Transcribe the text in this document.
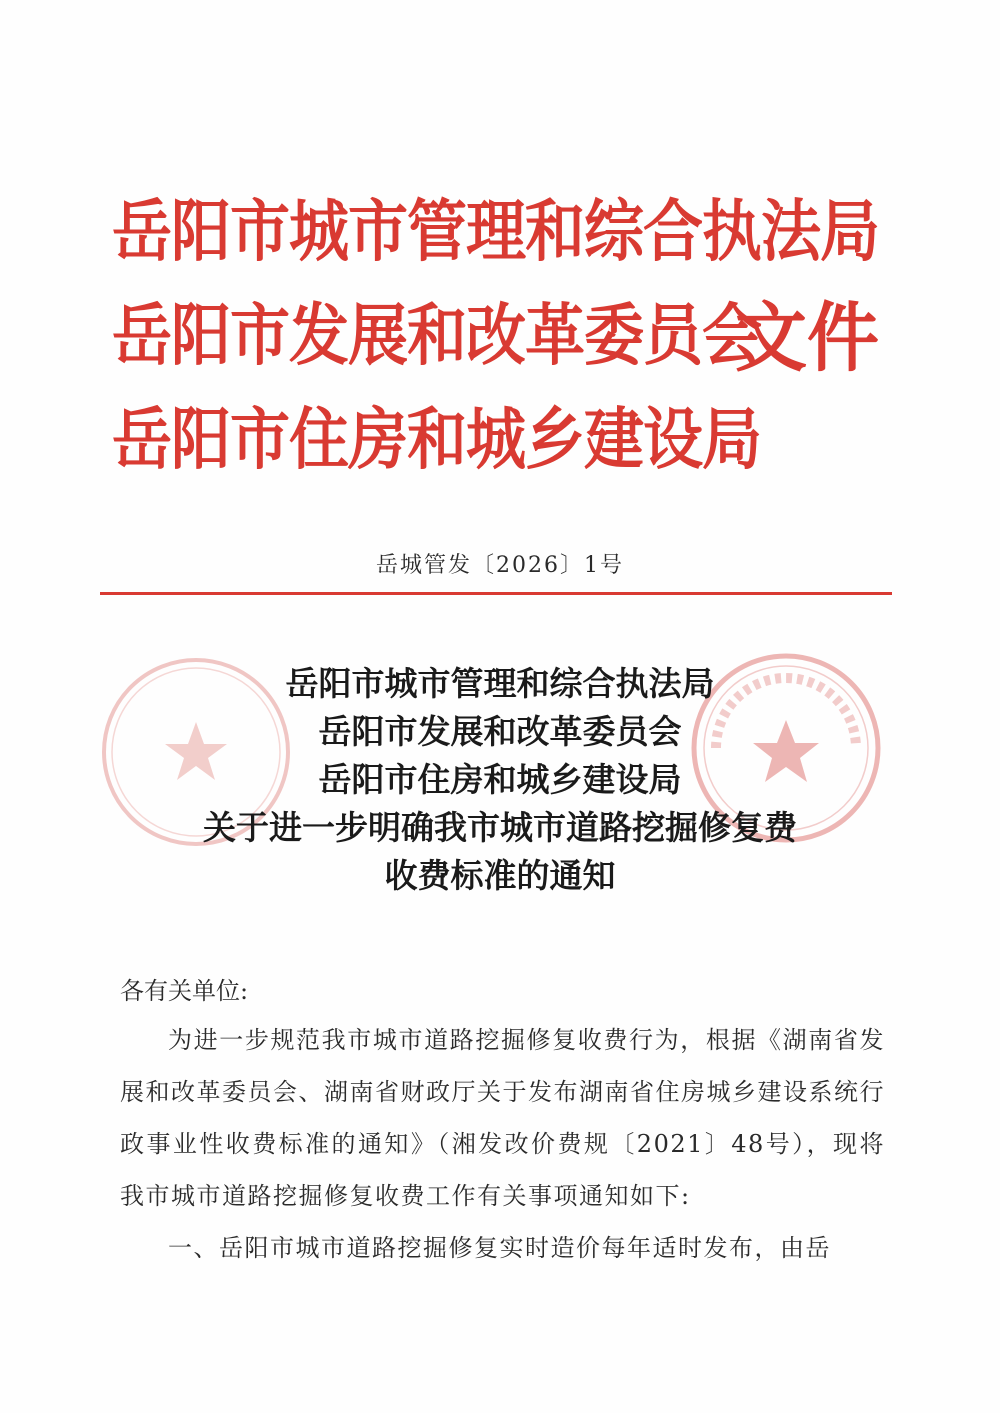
岳阳市城市管理和综合执法局
岳阳市发展和改革委员会
岳阳市住房和城乡建设局
文件
岳城管发〔2026〕1号
岳阳市城市管理和综合执法局
岳阳市发展和改革委员会
岳阳市住房和城乡建设局
关于进一步明确我市城市道路挖掘修复费
收费标准的通知
各有关单位:

为进一步规范我市城市道路挖掘修复收费行为，根据《湖南省发展和改革委员会、湖南省财政厅关于发布湖南省住房城乡建设系统行政事业性收费标准的通知》（湘发改价费规〔2021〕48号），现将我市城市道路挖掘修复收费工作有关事项通知如下:

一、岳阳市城市道路挖掘修复实时造价每年适时发布，由岳
